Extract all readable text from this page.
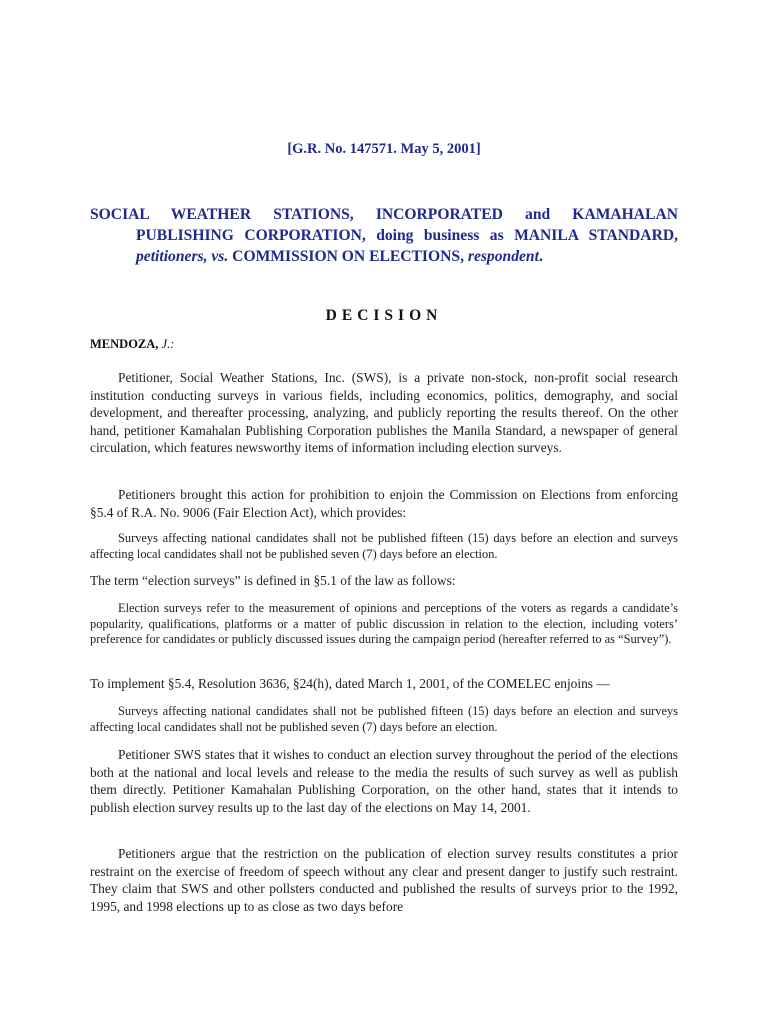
[G.R. No. 147571. May 5, 2001]
SOCIAL WEATHER STATIONS, INCORPORATED and KAMAHALAN PUBLISHING CORPORATION, doing business as MANILA STANDARD, petitioners, vs. COMMISSION ON ELECTIONS, respondent.
DECISION
MENDOZA, J.:

Petitioner, Social Weather Stations, Inc. (SWS), is a private non-stock, non-profit social research institution conducting surveys in various fields, including economics, politics, demography, and social development, and thereafter processing, analyzing, and publicly reporting the results thereof. On the other hand, petitioner Kamahalan Publishing Corporation publishes the Manila Standard, a newspaper of general circulation, which features newsworthy items of information including election surveys.

Petitioners brought this action for prohibition to enjoin the Commission on Elections from enforcing §5.4 of R.A. No. 9006 (Fair Election Act), which provides:

Surveys affecting national candidates shall not be published fifteen (15) days before an election and surveys affecting local candidates shall not be published seven (7) days before an election.

The term “election surveys” is defined in §5.1 of the law as follows:

Election surveys refer to the measurement of opinions and perceptions of the voters as regards a candidate’s popularity, qualifications, platforms or a matter of public discussion in relation to the election, including voters’ preference for candidates or publicly discussed issues during the campaign period (hereafter referred to as “Survey”).

To implement §5.4, Resolution 3636, §24(h), dated March 1, 2001, of the COMELEC enjoins —

Surveys affecting national candidates shall not be published fifteen (15) days before an election and surveys affecting local candidates shall not be published seven (7) days before an election.

Petitioner SWS states that it wishes to conduct an election survey throughout the period of the elections both at the national and local levels and release to the media the results of such survey as well as publish them directly. Petitioner Kamahalan Publishing Corporation, on the other hand, states that it intends to publish election survey results up to the last day of the elections on May 14, 2001.

Petitioners argue that the restriction on the publication of election survey results constitutes a prior restraint on the exercise of freedom of speech without any clear and present danger to justify such restraint. They claim that SWS and other pollsters conducted and published the results of surveys prior to the 1992, 1995, and 1998 elections up to as close as two days before
